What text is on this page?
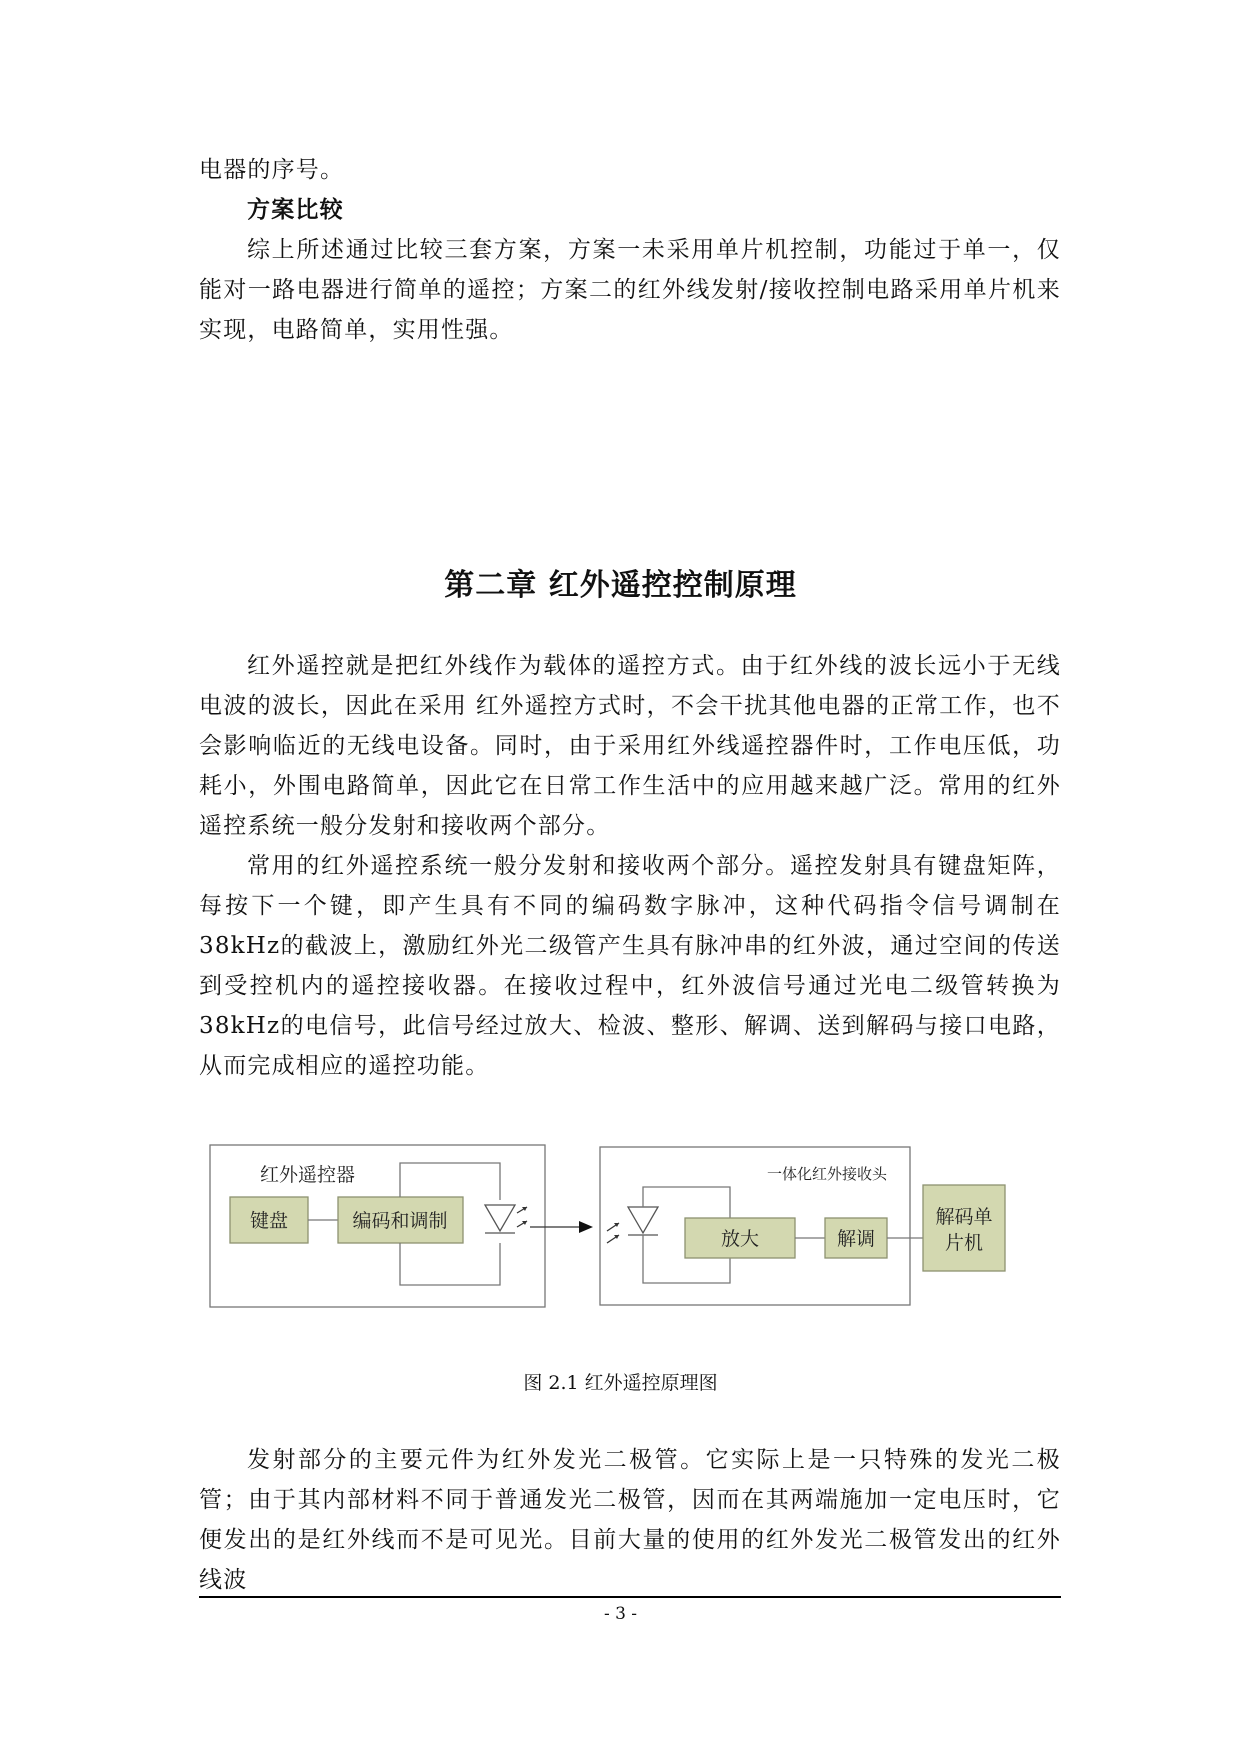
电器的序号。

方案比较

综上所述通过比较三套方案，方案一未采用单片机控制，功能过于单一，仅能对一路电器进行简单的遥控；方案二的红外线发射/接收控制电路采用单片机来实现，电路简单，实用性强。

第二章 红外遥控控制原理

红外遥控就是把红外线作为载体的遥控方式。由于红外线的波长远小于无线电波的波长，因此在采用 红外遥控方式时，不会干扰其他电器的正常工作，也不会影响临近的无线电设备。同时，由于采用红外线遥控器件时，工作电压低，功耗小，外围电路简单，因此它在日常工作生活中的应用越来越广泛。常用的红外遥控系统一般分发射和接收两个部分。

常用的红外遥控系统一般分发射和接收两个部分。遥控发射具有键盘矩阵，每按下一个键，即产生具有不同的编码数字脉冲，这种代码指令信号调制在38kHz的截波上，激励红外光二级管产生具有脉冲串的红外波，通过空间的传送到受控机内的遥控接收器。在接收过程中，红外波信号通过光电二级管转换为38kHz的电信号，此信号经过放大、检波、整形、解调、送到解码与接口电路，从而完成相应的遥控功能。

红外遥控器
键盘	编码和调制
一体化红外接收头
放大	解调
解码单
片机
图 2.1 红外遥控原理图

发射部分的主要元件为红外发光二极管。它实际上是一只特殊的发光二极管；由于其内部材料不同于普通发光二极管，因而在其两端施加一定电压时，它便发出的是红外线而不是可见光。目前大量的使用的红外发光二极管发出的红外线波

- 3 -
